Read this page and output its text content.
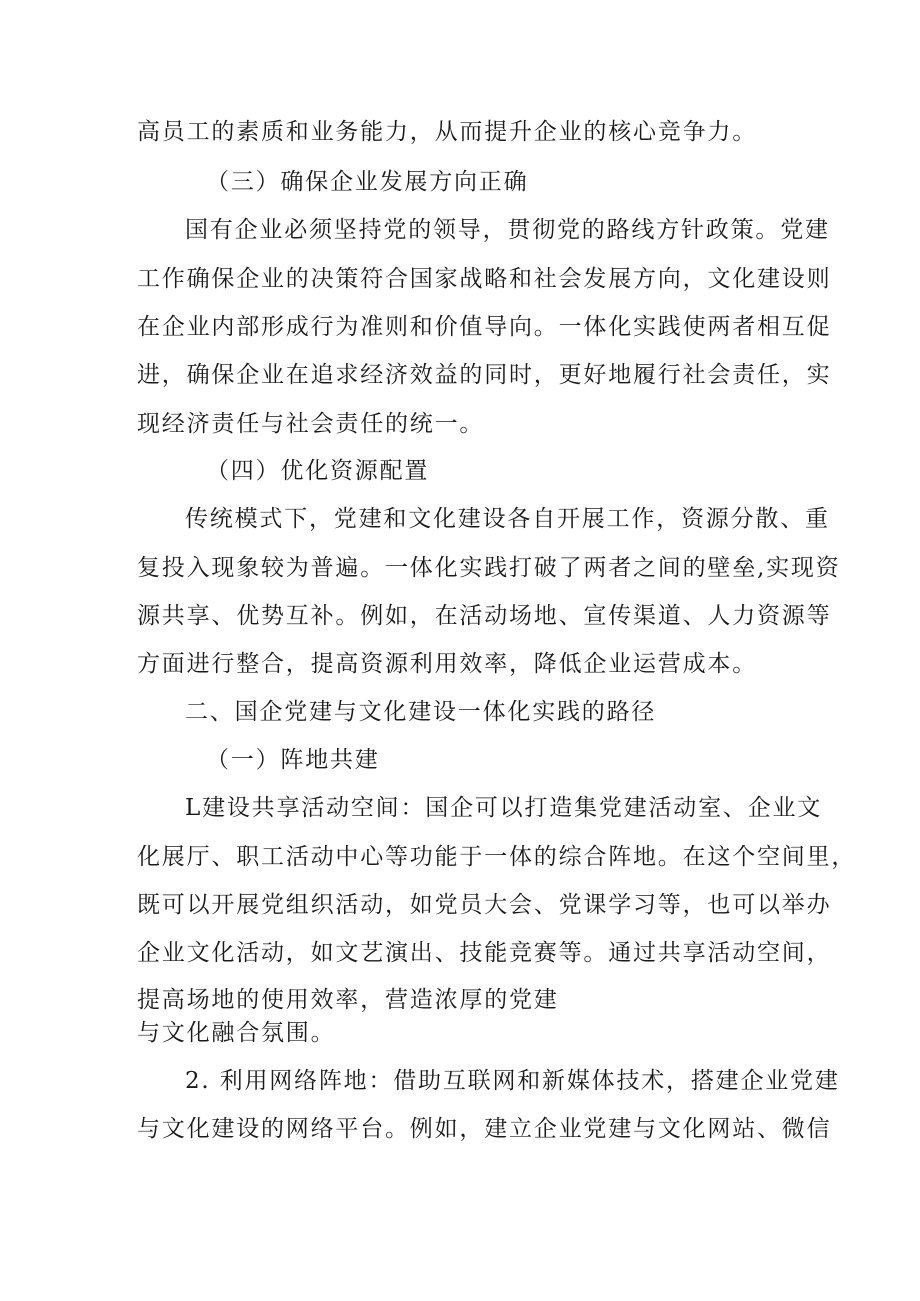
高员工的素质和业务能力，从而提升企业的核心竞争力。
（三）确保企业发展方向正确
国有企业必须坚持党的领导，贯彻党的路线方针政策。党建
工作确保企业的决策符合国家战略和社会发展方向，文化建设则
在企业内部形成行为准则和价值导向。一体化实践使两者相互促
进，确保企业在追求经济效益的同时，更好地履行社会责任，实
现经济责任与社会责任的统一。
（四）优化资源配置
传统模式下，党建和文化建设各自开展工作，资源分散、重
复投入现象较为普遍。一体化实践打破了两者之间的壁垒,实现资
源共享、优势互补。例如，在活动场地、宣传渠道、人力资源等
方面进行整合，提高资源利用效率，降低企业运营成本。
二、国企党建与文化建设一体化实践的路径
（一）阵地共建
L建设共享活动空间：国企可以打造集党建活动室、企业文
化展厅、职工活动中心等功能于一体的综合阵地。在这个空间里，
既可以开展党组织活动，如党员大会、党课学习等，也可以举办
企业文化活动，如文艺演出、技能竞赛等。通过共享活动空间，
提高场地的使用效率，营造浓厚的党建
与文化融合氛围。
2. 利用网络阵地：借助互联网和新媒体技术，搭建企业党建
与文化建设的网络平台。例如，建立企业党建与文化网站、微信
